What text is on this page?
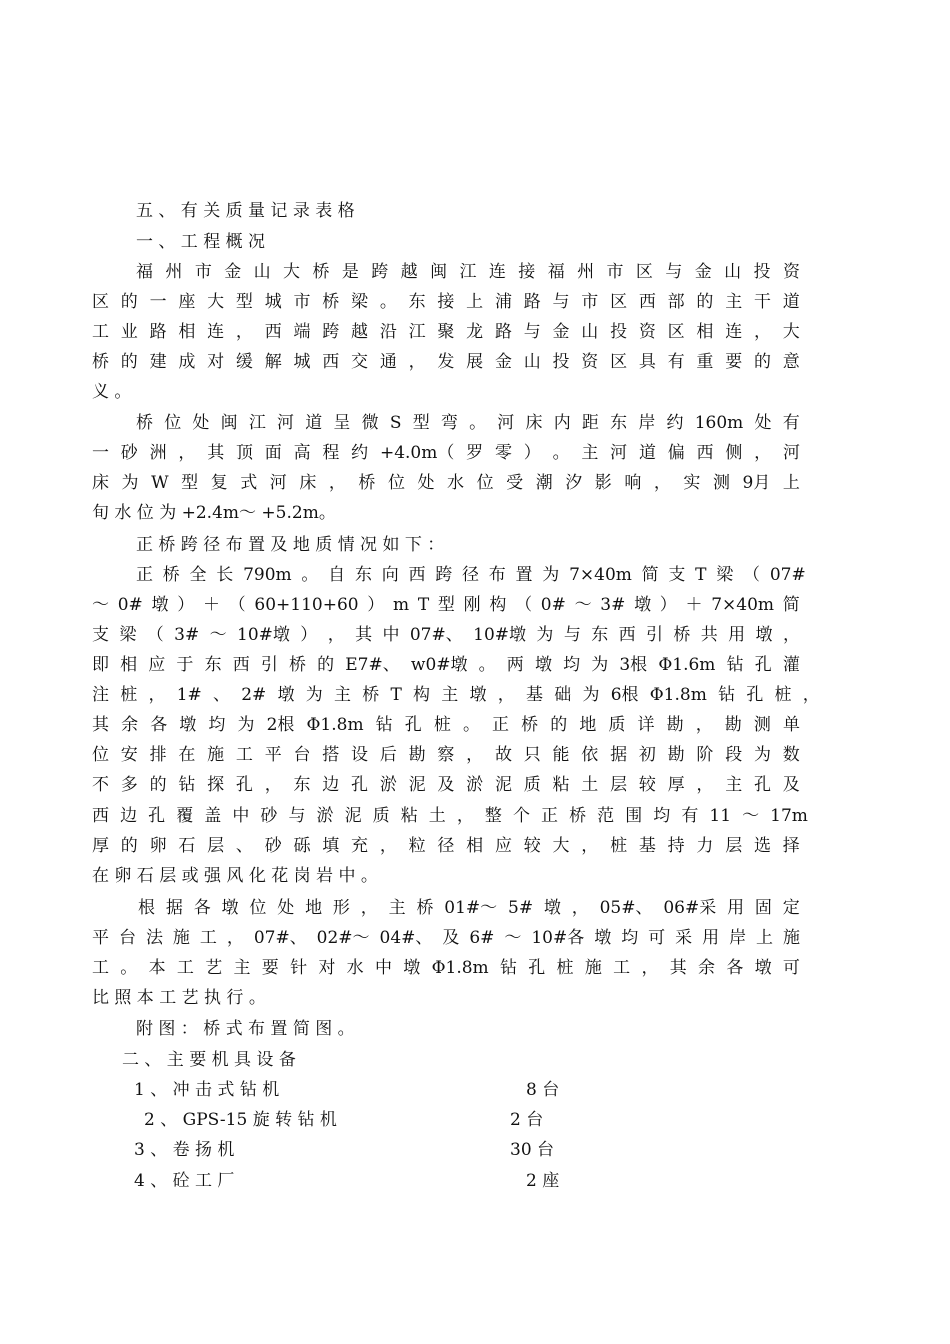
五 、 有 关 质 量 记 录 表 格
一 、 工 程 概 况
福 州 市 金 山 大 桥 是 跨 越 闽 江 连 接 福 州 市 区 与 金 山 投 资
区 的 一 座 大 型 城 市 桥 梁 。 东 接 上 浦 路 与 市 区 西 部 的 主 干 道
工 业 路 相 连 ， 西 端 跨 越 沿 江 聚 龙 路 与 金 山 投 资 区 相 连 ， 大
桥 的 建 成 对 缓 解 城 西 交 通 ， 发 展 金 山 投 资 区 具 有 重 要 的 意
义 。
桥 位 处 闽 江 河 道 呈 微 S 型 弯 。 河 床 内 距 东 岸 约 160m 处 有
一 砂 洲 ， 其 顶 面 高 程 约 +4.0m（ 罗 零 ） 。 主 河 道 偏 西 侧 ， 河
床 为 W 型 复 式 河 床 ， 桥 位 处 水 位 受 潮 汐 影 响 ， 实 测 9月 上
旬 水 位 为 +2.4m～ +5.2m。
正 桥 跨 径 布 置 及 地 质 情 况 如 下 ：
正 桥 全 长 790m 。 自 东 向 西 跨 径 布 置 为 7×40m 简 支 T 梁 （ 07#
～ 0# 墩 ） ＋ （ 60+110+60 ） m T 型 刚 构 （ 0# ～ 3# 墩 ） ＋ 7×40m 简
支 梁 （ 3# ～ 10#墩 ） ， 其 中 07#、 10#墩 为 与 东 西 引 桥 共 用 墩 ，
即 相 应 于 东 西 引 桥 的 E7#、 w0#墩 。 两 墩 均 为 3根 Φ1.6m 钻 孔 灌
注 桩 ， 1# 、 2# 墩 为 主 桥 T 构 主 墩 ， 基 础 为 6根 Φ1.8m 钻 孔 桩 ，
其 余 各 墩 均 为 2根 Φ1.8m 钻 孔 桩 。 正 桥 的 地 质 详 勘 ， 勘 测 单
位 安 排 在 施 工 平 台 搭 设 后 勘 察 ， 故 只 能 依 据 初 勘 阶 段 为 数
不 多 的 钻 探 孔 ， 东 边 孔 淤 泥 及 淤 泥 质 粘 土 层 较 厚 ， 主 孔 及
西 边 孔 覆 盖 中 砂 与 淤 泥 质 粘 土 ， 整 个 正 桥 范 围 均 有 11 ～ 17m
厚 的 卵 石 层 、 砂 砾 填 充 ， 粒 径 相 应 较 大 ， 桩 基 持 力 层 选 择
在 卵 石 层 或 强 风 化 花 岗 岩 中 。
根 据 各 墩 位 处 地 形 ， 主 桥 01#～ 5# 墩 ， 05#、 06#采 用 固 定
平 台 法 施 工 ， 07#、 02#～ 04#、 及 6# ～ 10#各 墩 均 可 采 用 岸 上 施
工 。 本 工 艺 主 要 针 对 水 中 墩 Φ1.8m 钻 孔 桩 施 工 ， 其 余 各 墩 可
比 照 本 工 艺 执 行 。
附 图 ： 桥 式 布 置 简 图 。
二 、 主 要 机 具 设 备
1 、 冲 击 式 钻 机	8 台
2 、 GPS-15 旋 转 钻 机	2 台
3 、 卷 扬 机	30 台
4 、 砼 工 厂	2 座
